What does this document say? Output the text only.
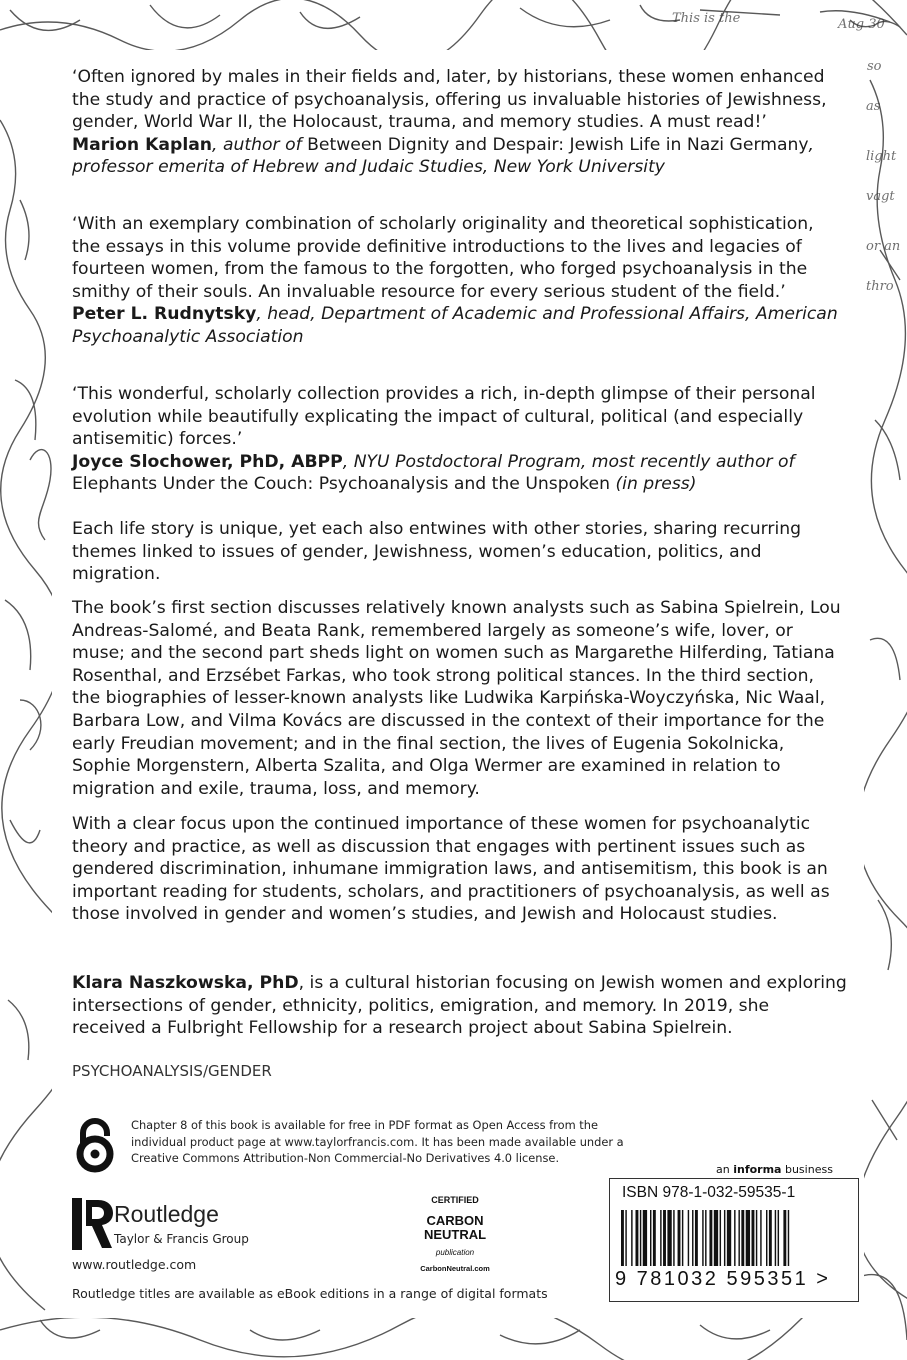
This is the	Aug 30
so
as
light
vagt
or an
thro

‘Often ignored by males in their fields and, later, by historians, these women enhanced the study and practice of psychoanalysis, offering us invaluable histories of Jewishness, gender, World War II, the Holocaust, trauma, and memory studies. A must read!’

Marion Kaplan, author of Between Dignity and Despair: Jewish Life in Nazi Germany, professor emerita of Hebrew and Judaic Studies, New York University

‘With an exemplary combination of scholarly originality and theoretical sophistication, the essays in this volume provide definitive introductions to the lives and legacies of fourteen women, from the famous to the forgotten, who forged psychoanalysis in the smithy of their souls. An invaluable resource for every serious student of the field.’

Peter L. Rudnytsky, head, Department of Academic and Professional Affairs, American Psychoanalytic Association

‘This wonderful, scholarly collection provides a rich, in-depth glimpse of their personal evolution while beautifully explicating the impact of cultural, political (and especially antisemitic) forces.’

Joyce Slochower, PhD, ABPP, NYU Postdoctoral Program, most recently author of Elephants Under the Couch: Psychoanalysis and the Unspoken (in press)

Each life story is unique, yet each also entwines with other stories, sharing recurring themes linked to issues of gender, Jewishness, women’s education, politics, and migration.

The book’s first section discusses relatively known analysts such as Sabina Spielrein, Lou Andreas-Salomé, and Beata Rank, remembered largely as someone’s wife, lover, or muse; and the second part sheds light on women such as Margarethe Hilferding, Tatiana Rosenthal, and Erzsébet Farkas, who took strong political stances. In the third section, the biographies of lesser-known analysts like Ludwika Karpińska-Woyczyńska, Nic Waal, Barbara Low, and Vilma Kovács are discussed in the context of their importance for the early Freudian movement; and in the final section, the lives of Eugenia Sokolnicka, Sophie Morgenstern, Alberta Szalita, and Olga Wermer are examined in relation to migration and exile, trauma, loss, and memory.

With a clear focus upon the continued importance of these women for psychoanalytic theory and practice, as well as discussion that engages with pertinent issues such as gendered discrimination, inhumane immigration laws, and antisemitism, this book is an important reading for students, scholars, and practitioners of psychoanalysis, as well as those involved in gender and women’s studies, and Jewish and Holocaust studies.

Klara Naszkowska, PhD, is a cultural historian focusing on Jewish women and exploring intersections of gender, ethnicity, politics, emigration, and memory. In 2019, she received a Fulbright Fellowship for a research project about Sabina Spielrein.

PSYCHOANALYSIS/GENDER
Chapter 8 of this book is available for free in PDF format as Open Access from the individual product page at www.taylorfrancis.com. It has been made available under a Creative Commons Attribution-Non Commercial-No Derivatives 4.0 license.
an informa business
Routledge
Taylor & Francis Group
www.routledge.com
Routledge titles are available as eBook editions in a range of digital formats
CERTIFIED
CARBON
NEUTRAL
publication
CarbonNeutral.com
ISBN 978-1-032-59535-1
9 781032 595351 >
